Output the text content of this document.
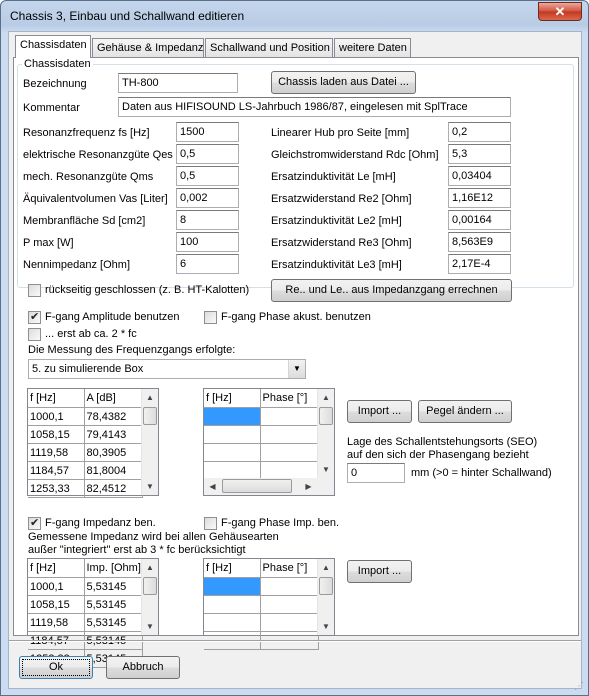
Chassis 3, Einbau und Schallwand editieren	✕
Chassisdaten Gehäuse & Impedanz Schallwand und Position weitere Daten
Chassisdaten
Bezeichnung	TH-800	Chassis laden aus Datei ...
Kommentar	Daten aus HIFISOUND LS-Jahrbuch 1986/87, eingelesen mit SplTrace
Resonanzfrequenz fs [Hz]	1500
elektrische Resonanzgüte Qes 0,5
mech. Resonanzgüte Qms	0,5
Äquivalentvolumen Vas [Liter]	0,002
Membranfläche Sd [cm2]	8
P max [W]	100
Nennimpedanz [Ohm]	6
Linearer Hub pro Seite [mm]	0,2
Gleichstromwiderstand Rdc [Ohm]	5,3
Ersatzinduktivität Le [mH]	0,03404
Ersatzwiderstand Re2 [Ohm]	1,16E12
Ersatzinduktivität Le2 [mH]	0,00164
Ersatzwiderstand Re3 [Ohm]	8,563E9
Ersatzinduktivität Le3 [mH]	2,17E-4
rückseitig geschlossen (z. B. HT-Kalotten)	Re.. und Le.. aus Impedanzgang errechnen
✔
F-gang Amplitude benutzen	F-gang Phase akust. benutzen
... erst ab ca. 2 * fc
Die Messung des Frequenzgangs erfolgte:
5. zu simulierende Box	▼
f [Hz]	A [dB]
1000,1	78,4382
1058,15	79,4143
1119,58	80,3905
1184,57	81,8004
1253,33	82,4512
▲
▼
f [Hz]	Phase [°]

		▲
▼
◀	▶
Import ...	Pegel ändern ...
Lage des Schallentstehungsorts (SEO)
auf den sich der Phasengang bezieht
0	mm (>0 = hinter Schallwand)
✔
F-gang Impedanz ben.	F-gang Phase Imp. ben.
Gemessene Impedanz wird bei allen Gehäusearten
außer "integriert" erst ab 3 * fc berücksichtigt
f [Hz]	Imp. [Ohm]
1000,1	5,53145
1058,15	5,53145
1119,58	5,53145
1184,57	5,53145

▲
▼
f [Hz]	Phase [°]

		▲
▼
Import ...
Ok	Abbruch
⋰
